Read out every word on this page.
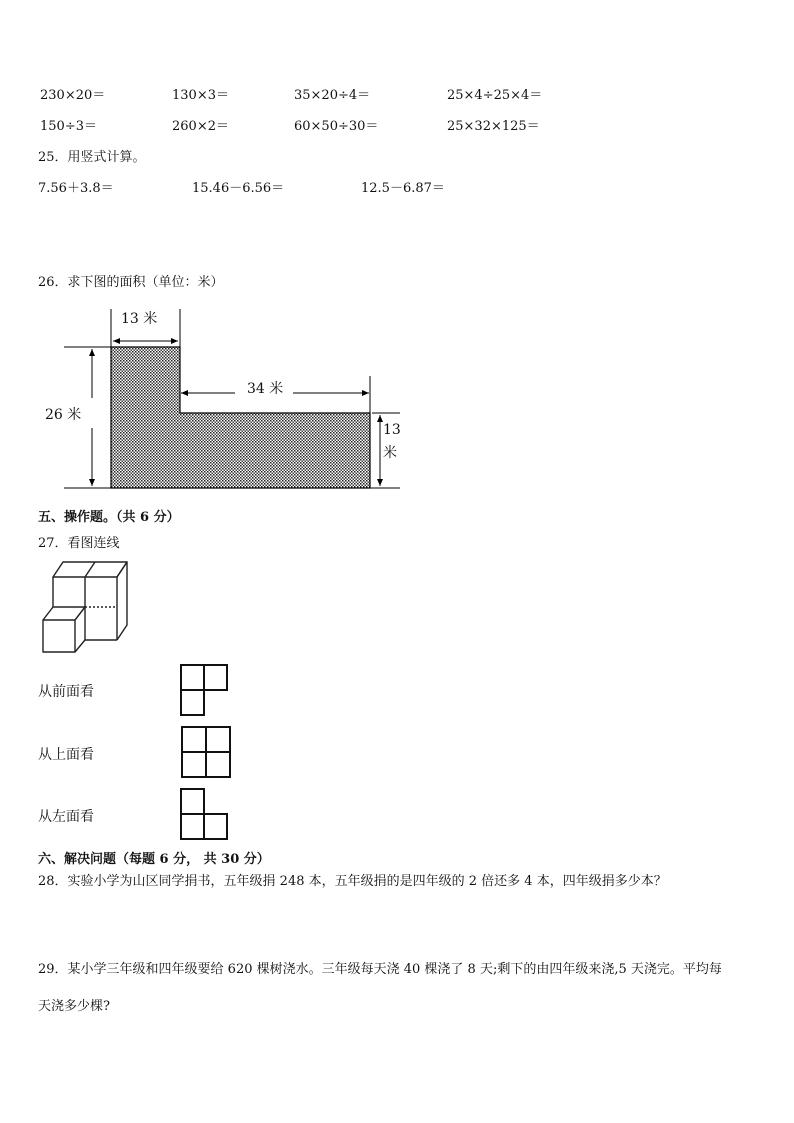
230×20＝	130×3＝	35×20÷4＝	25×4÷25×4＝
150÷3＝	260×2＝	60×50÷30＝	25×32×125＝
25．用竖式计算。
7.56＋3.8＝	15.46－6.56＝	12.5－6.87＝
26．求下图的面积（单位：米）
13 米
34 米
26 米
13
米
五、操作题。（共 6 分）
27．看图连线
从前面看
从上面看
从左面看
六、解决问题（每题 6 分， 共 30 分）
28．实验小学为山区同学捐书，五年级捐 248 本，五年级捐的是四年级的 2 倍还多 4 本，四年级捐多少本？
29．某小学三年级和四年级要给 620 棵树浇水。三年级每天浇 40 棵浇了 8 天;剩下的由四年级来浇,5 天浇完。平均每
天浇多少棵?
